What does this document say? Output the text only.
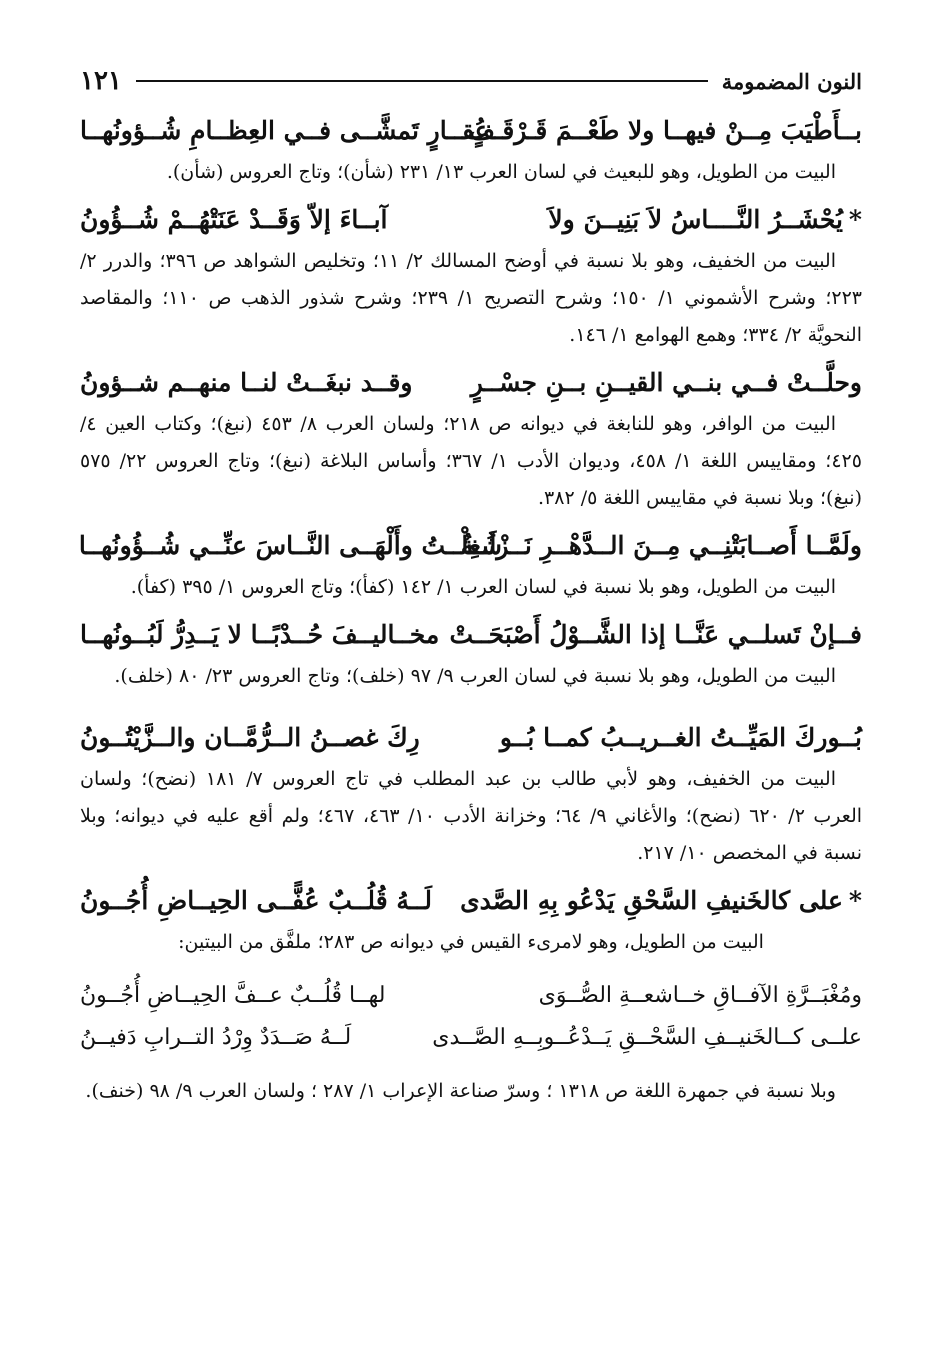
النون المضمومة
١٢١
بــأَطْيَبَ مِــنْ فيهــا ولا طَعْــمَ قَـرْقَـفٍ
عُقــارٍ تَمشَّــى فــي العِظــامِ شُــؤونُهــا

البيت من الطويل، وهو للبعيث في لسان العرب ١٣/ ٢٣١ (شأن)؛ وتاج العروس (شأن).

*يُحْشَــرُ النَّــــاسُ لاَ بَنِيــنَ ولاَ
آبــاءَ إلاّ وَقَــدْ عَنَتْهُــمْ شُــؤُونُ

البيت من الخفيف، وهو بلا نسبة في أوضح المسالك ٢/ ١١؛ وتخليص الشواهد ص ٣٩٦؛ والدرر ٢/ ٢٢٣؛ وشرح الأشموني ١/ ١٥٠؛ وشرح التصريح ١/ ٢٣٩؛ وشرح شذور الذهب ص ١١٠؛ والمقاصد النحويَّة ٢/ ٣٣٤؛ وهمع الهوامع ١/ ١٤٦.

وحلَّــتْ فــي بنــي القيــنِ بــنِ جسْــرٍ
وقــد نبغَــتْ لنــا منهــم شــؤونُ

البيت من الوافر، وهو للنابغة في ديوانه ص ٢١٨؛ ولسان العرب ٨/ ٤٥٣ (نبغ)؛ وكتاب العين ٤/ ٤٢٥؛ ومقاييس اللغة ١/ ٤٥٨، وديوان الأدب ١/ ٣٦٧؛ وأساس البلاغة (نبغ)؛ وتاج العروس ٢٢/ ٥٧٥ (نبغ)؛ وبلا نسبة في مقاييس اللغة ٥/ ٣٨٢.

ولَمَّــا أَصــابَتْنِــي مِــنَ الــدَّهْــرِ نَــزْلَــةٌ
شُغِلْــتُ وأَلْهَــى النَّــاسَ عنِّــي شُــؤُونُهــا

البيت من الطويل، وهو بلا نسبة في لسان العرب ١/ ١٤٢ (كفأ)؛ وتاج العروس ١/ ٣٩٥ (كفأ).

فــإنْ تَسلــي عَنَّــا إذا الشَّــوْلُ أَصْبَحَــتْ
مخــاليــفَ حُــدْبًــا لا يَــدِرُّ لَبُــونُهــا

البيت من الطويل، وهو بلا نسبة في لسان العرب ٩/ ٩٧ (خلف)؛ وتاج العروس ٢٣/ ٨٠ (خلف).

بُــوركَ المَيِّــتُ الغــريــبُ كمــا بُــو
رِكَ غصــنُ الــرُّمَّــان والــزَّيْتُــونُ

البيت من الخفيف، وهو لأبي طالب بن عبد المطلب في تاج العروس ٧/ ١٨١ (نضح)؛ ولسان العرب ٢/ ٦٢٠ (نضح)؛ والأغاني ٩/ ٦٤؛ وخزانة الأدب ١٠/ ٤٦٣، ٤٦٧؛ ولم أقع عليه في ديوانه؛ وبلا نسبة في المخصص ١٠/ ٢١٧.

*على كالخَنيفِ السَّحْقِ يَدْعُو بِهِ الصَّدى
لَــهُ قُلُــبٌ عُفًّــى الحِيــاضِ أُجُــونُ

البيت من الطويل، وهو لامرىء القيس في ديوانه ص ٢٨٣؛ ملفَّق من البيتين:

ومُغْبَــرَّةِ الآفــاقِ خــاشعــةِ الصُّــوَى
لهــا قُلُــبٌ عــفَّ الحِيــاضِ أُجُــونُ
علــى كــالخَنيــفِ السَّحْــقِ يَــدْعُــوبِــهِ الصَّــدى
لَــهُ صَــدَدٌ وِرْدُ التــرابِ دَفيــنُ

وبلا نسبة في جمهرة اللغة ص ١٣١٨ ؛ وسرّ صناعة الإعراب ١/ ٢٨٧ ؛ ولسان العرب ٩/ ٩٨ (خنف).
